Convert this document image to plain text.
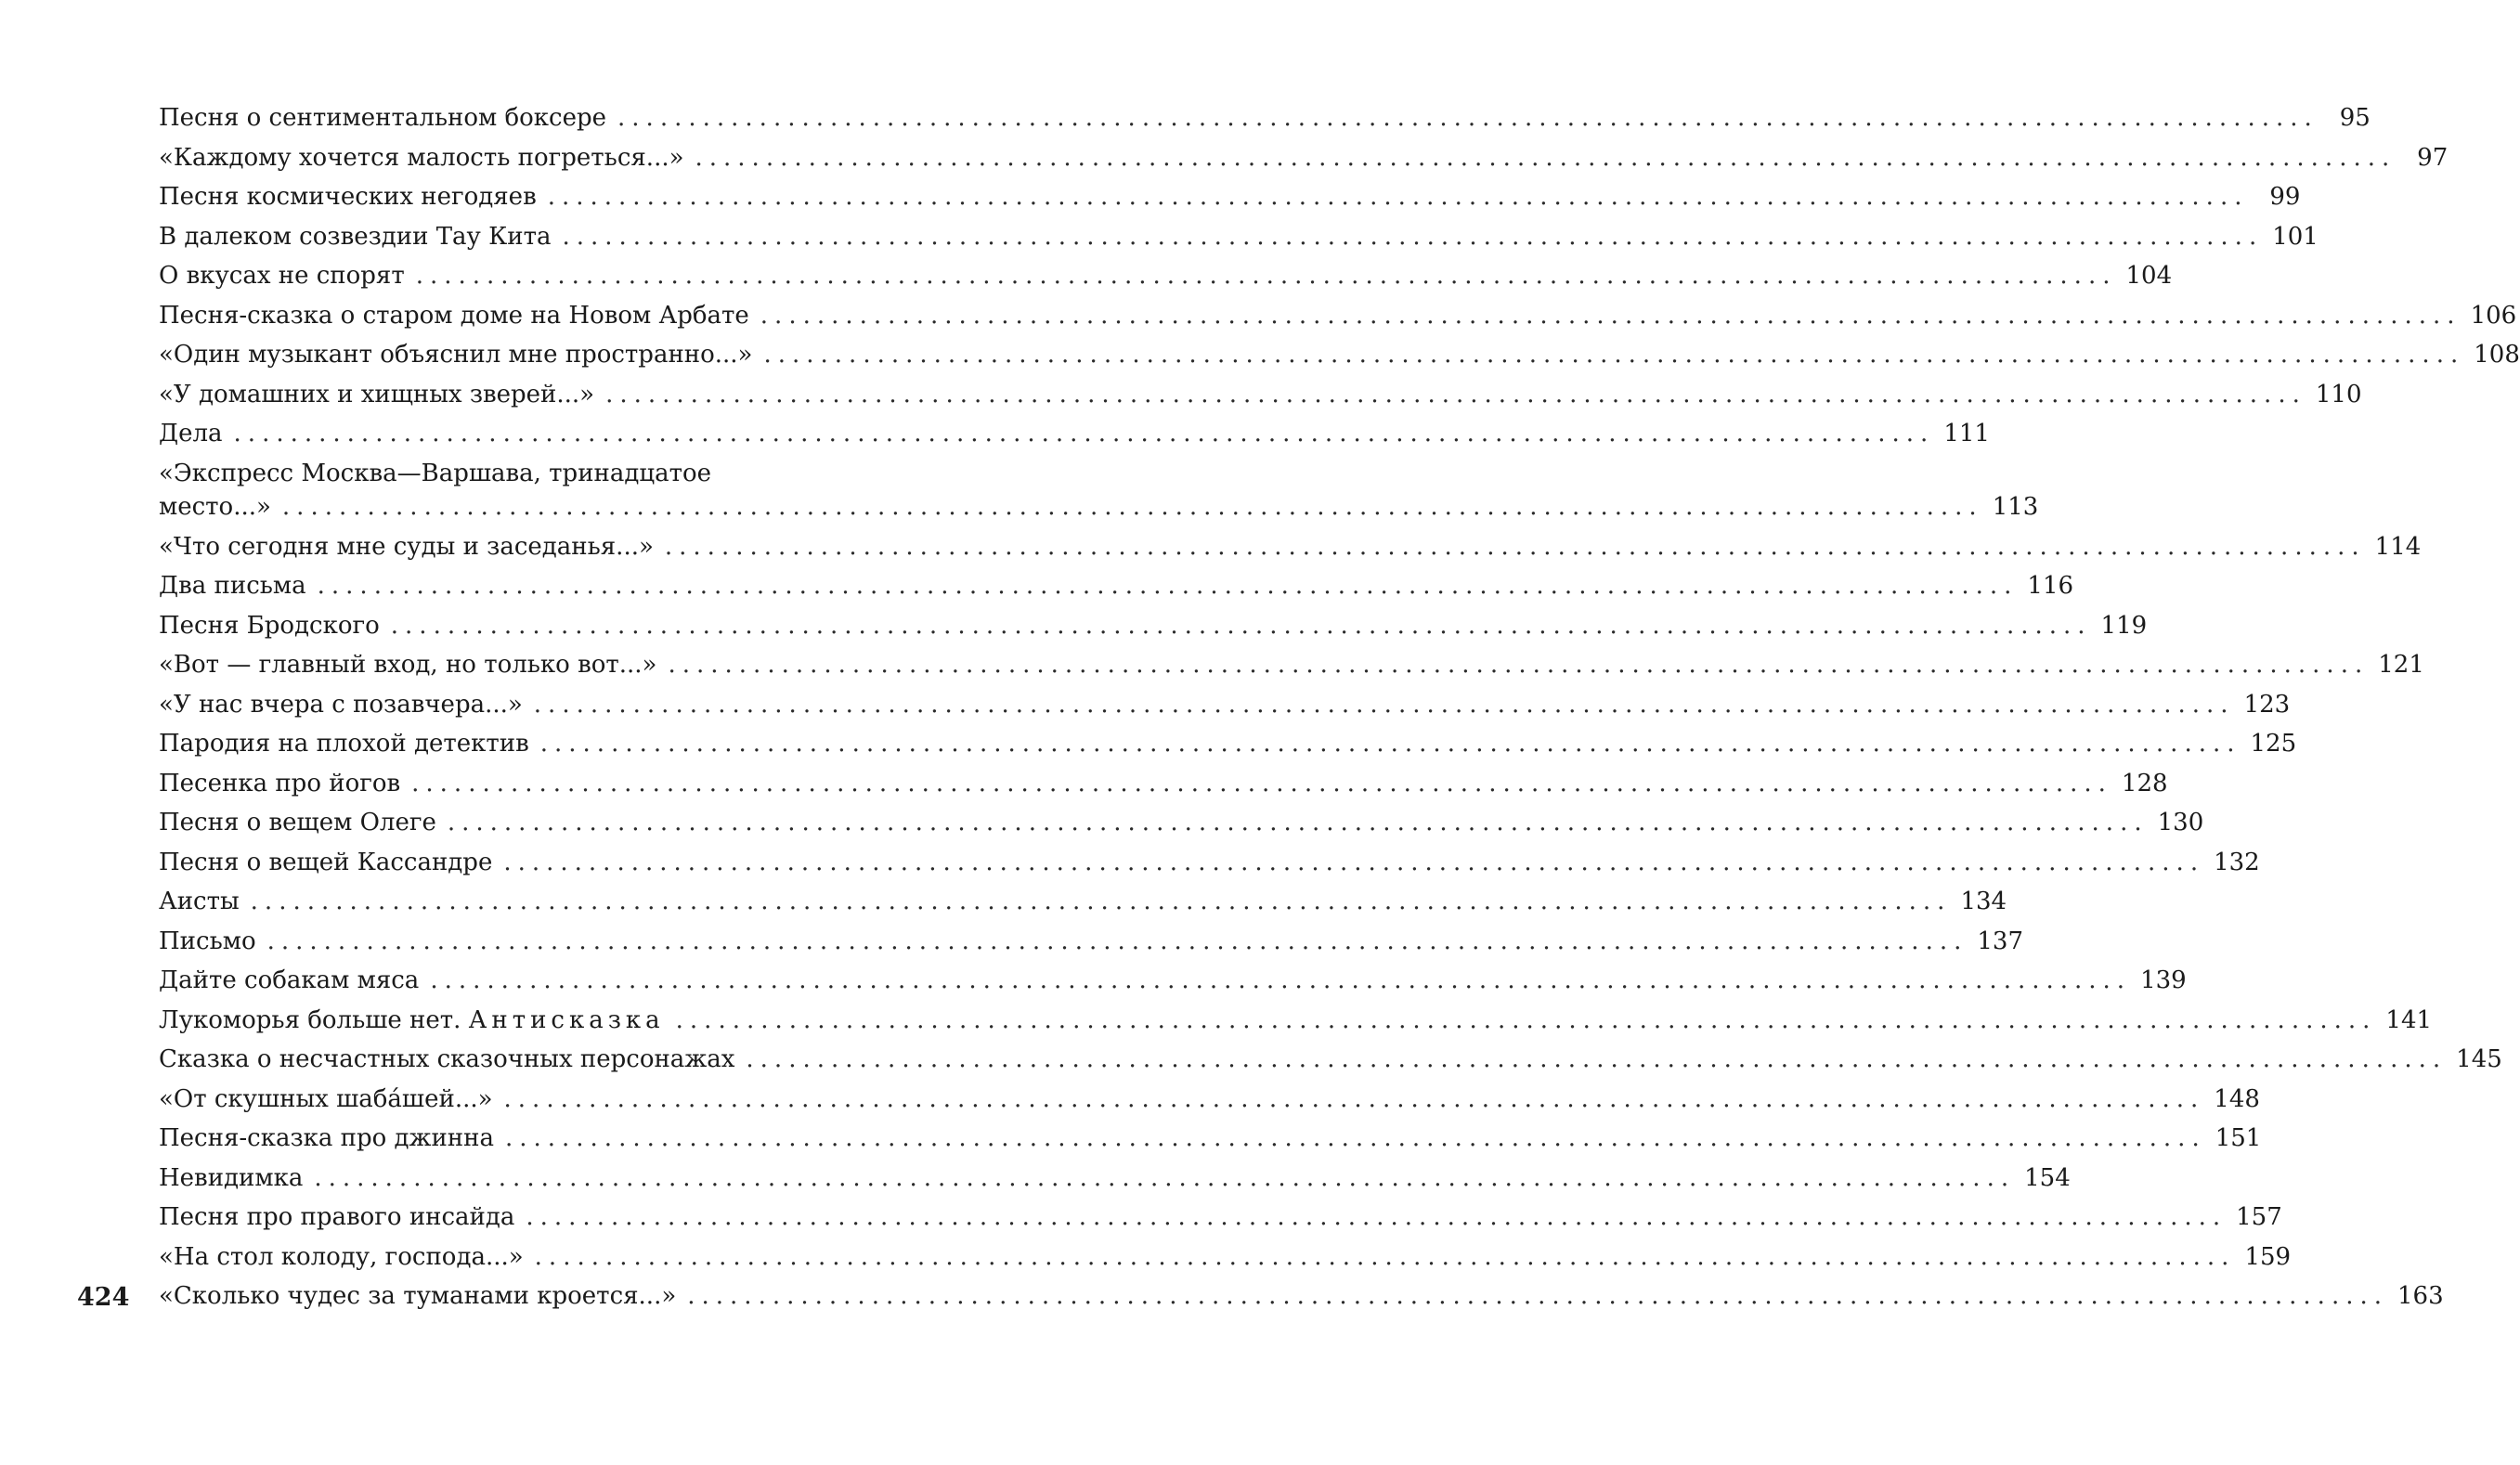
Песня о сентиментальном боксере ........................................................................................................................ 95
«Каждому хочется малость погреться...» ........................................................................................................................ 97
Песня космических негодяев ........................................................................................................................ 99
В далеком созвездии Тау Кита ........................................................................................................................ 101
О вкусах не спорят ........................................................................................................................ 104
Песня-сказка о старом доме на Новом Арбате ........................................................................................................................ 106
«Один музыкант объяснил мне пространно...» ........................................................................................................................ 108
«У домашних и хищных зверей...» ........................................................................................................................ 110
Дела ........................................................................................................................ 111
«Экспресс Москва—Варшава, тринадцатое
место...» ........................................................................................................................ 113
«Что сегодня мне суды и заседанья...» ........................................................................................................................ 114
Два письма ........................................................................................................................ 116
Песня Бродского ........................................................................................................................ 119
«Вот — главный вход, но только вот...» ........................................................................................................................ 121
«У нас вчера с позавчера...» ........................................................................................................................ 123
Пародия на плохой детектив ........................................................................................................................ 125
Песенка про йогов ........................................................................................................................ 128
Песня о вещем Олеге ........................................................................................................................ 130
Песня о вещей Кассандре ........................................................................................................................ 132
Аисты ........................................................................................................................ 134
Письмо ........................................................................................................................ 137
Дайте собакам мяса ........................................................................................................................ 139
Лукоморья больше нет. Антисказка ........................................................................................................................ 141
Сказка о несчастных сказочных персонажах ........................................................................................................................ 145
«От скушных шаба́шей...» ........................................................................................................................ 148
Песня-сказка про джинна ........................................................................................................................ 151
Невидимка ........................................................................................................................ 154
Песня про правого инсайда ........................................................................................................................ 157
«На стол колоду, господа...» ........................................................................................................................ 159
«Сколько чудес за туманами кроется...» ........................................................................................................................ 163
424
